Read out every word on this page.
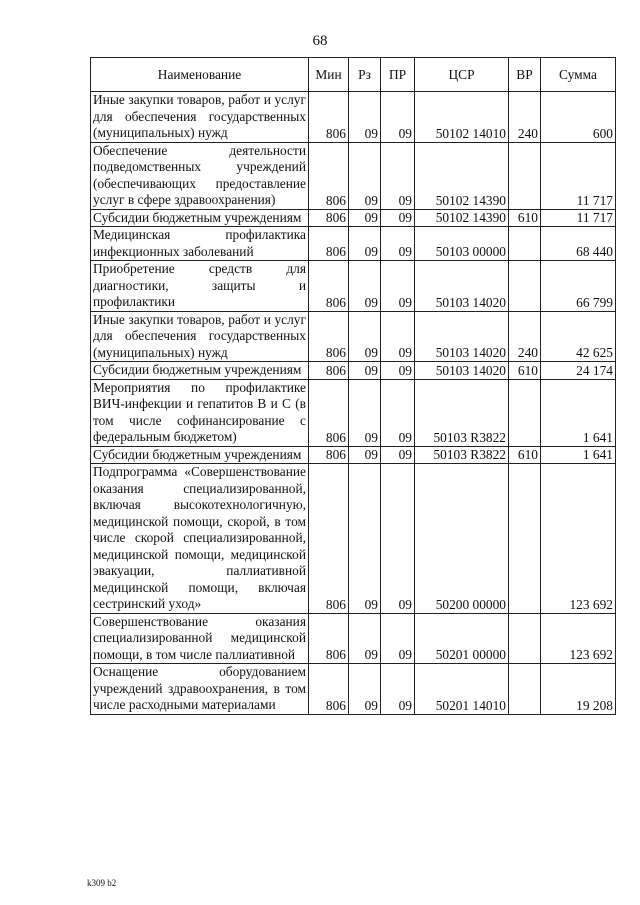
68
Наименование	Мин	Рз	ПР	ЦСР	ВР	Сумма
Иные закупки товаров, работ и услуг для обеспечения государственных (муниципальных) нужд	806	09	09	50102 14010	240	600
Обеспечение деятельности подведомственных учреждений (обеспечивающих предоставление услуг в сфере здравоохранения)	806	09	09	50102 14390		11 717
Субсидии бюджетным учреждениям	806	09	09	50102 14390	610	11 717
Медицинская профилактика инфекционных заболеваний	806	09	09	50103 00000		68 440
Приобретение средств для диагностики, защиты и профилактики	806	09	09	50103 14020		66 799
Иные закупки товаров, работ и услуг для обеспечения государственных (муниципальных) нужд	806	09	09	50103 14020	240	42 625
Субсидии бюджетным учреждениям	806	09	09	50103 14020	610	24 174
Мероприятия по профилактике ВИЧ-инфекции и гепатитов В и С (в том числе софинансирование с федеральным бюджетом)	806	09	09	50103 R3822		1 641
Субсидии бюджетным учреждениям	806	09	09	50103 R3822	610	1 641
Подпрограмма «Совершенствование оказания специализированной, включая высокотехнологичную, медицинской помощи, скорой, в том числе скорой специализированной, медицинской помощи, медицинской эвакуации, паллиативной медицинской помощи, включая сестринский уход»	806	09	09	50200 00000		123 692
Совершенствование оказания специализированной медицинской помощи, в том числе паллиативной	806	09	09	50201 00000		123 692
Оснащение оборудованием учреждений здравоохранения, в том числе расходными материалами	806	09	09	50201 14010		19 208
k309 b2
